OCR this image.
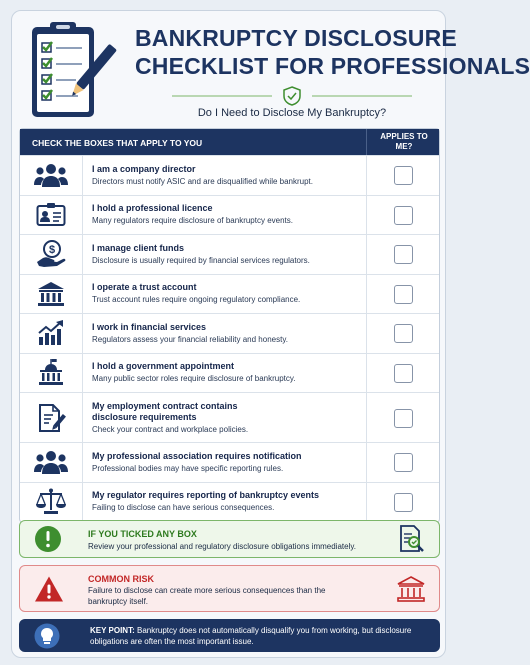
BANKRUPTCY DISCLOSURE
CHECKLIST FOR PROFESSIONALS
Do I Need to Disclose My Bankruptcy?
CHECK THE BOXES THAT APPLY TO YOU
APPLIES TO ME?
I am a company director
Directors must notify ASIC and are disqualified while bankrupt.
I hold a professional licence
Many regulators require disclosure of bankruptcy events.
$	I manage client funds
Disclosure is usually required by financial services regulators.
I operate a trust account
Trust account rules require ongoing regulatory compliance.
I work in financial services
Regulators assess your financial reliability and honesty.
I hold a government appointment
Many public sector roles require disclosure of bankruptcy.
My employment contract contains disclosure requirements
Check your contract and workplace policies.
My professional association requires notification
Professional bodies may have specific reporting rules.
My regulator requires reporting of bankruptcy events
Failing to disclose can have serious consequences.
IF YOU TICKED ANY BOX
Review your professional and regulatory disclosure obligations immediately.
COMMON RISK
Failure to disclose can create more serious consequences than the bankruptcy itself.
KEY POINT: Bankruptcy does not automatically disqualify you from working, but disclosure obligations are often the most important issue.
